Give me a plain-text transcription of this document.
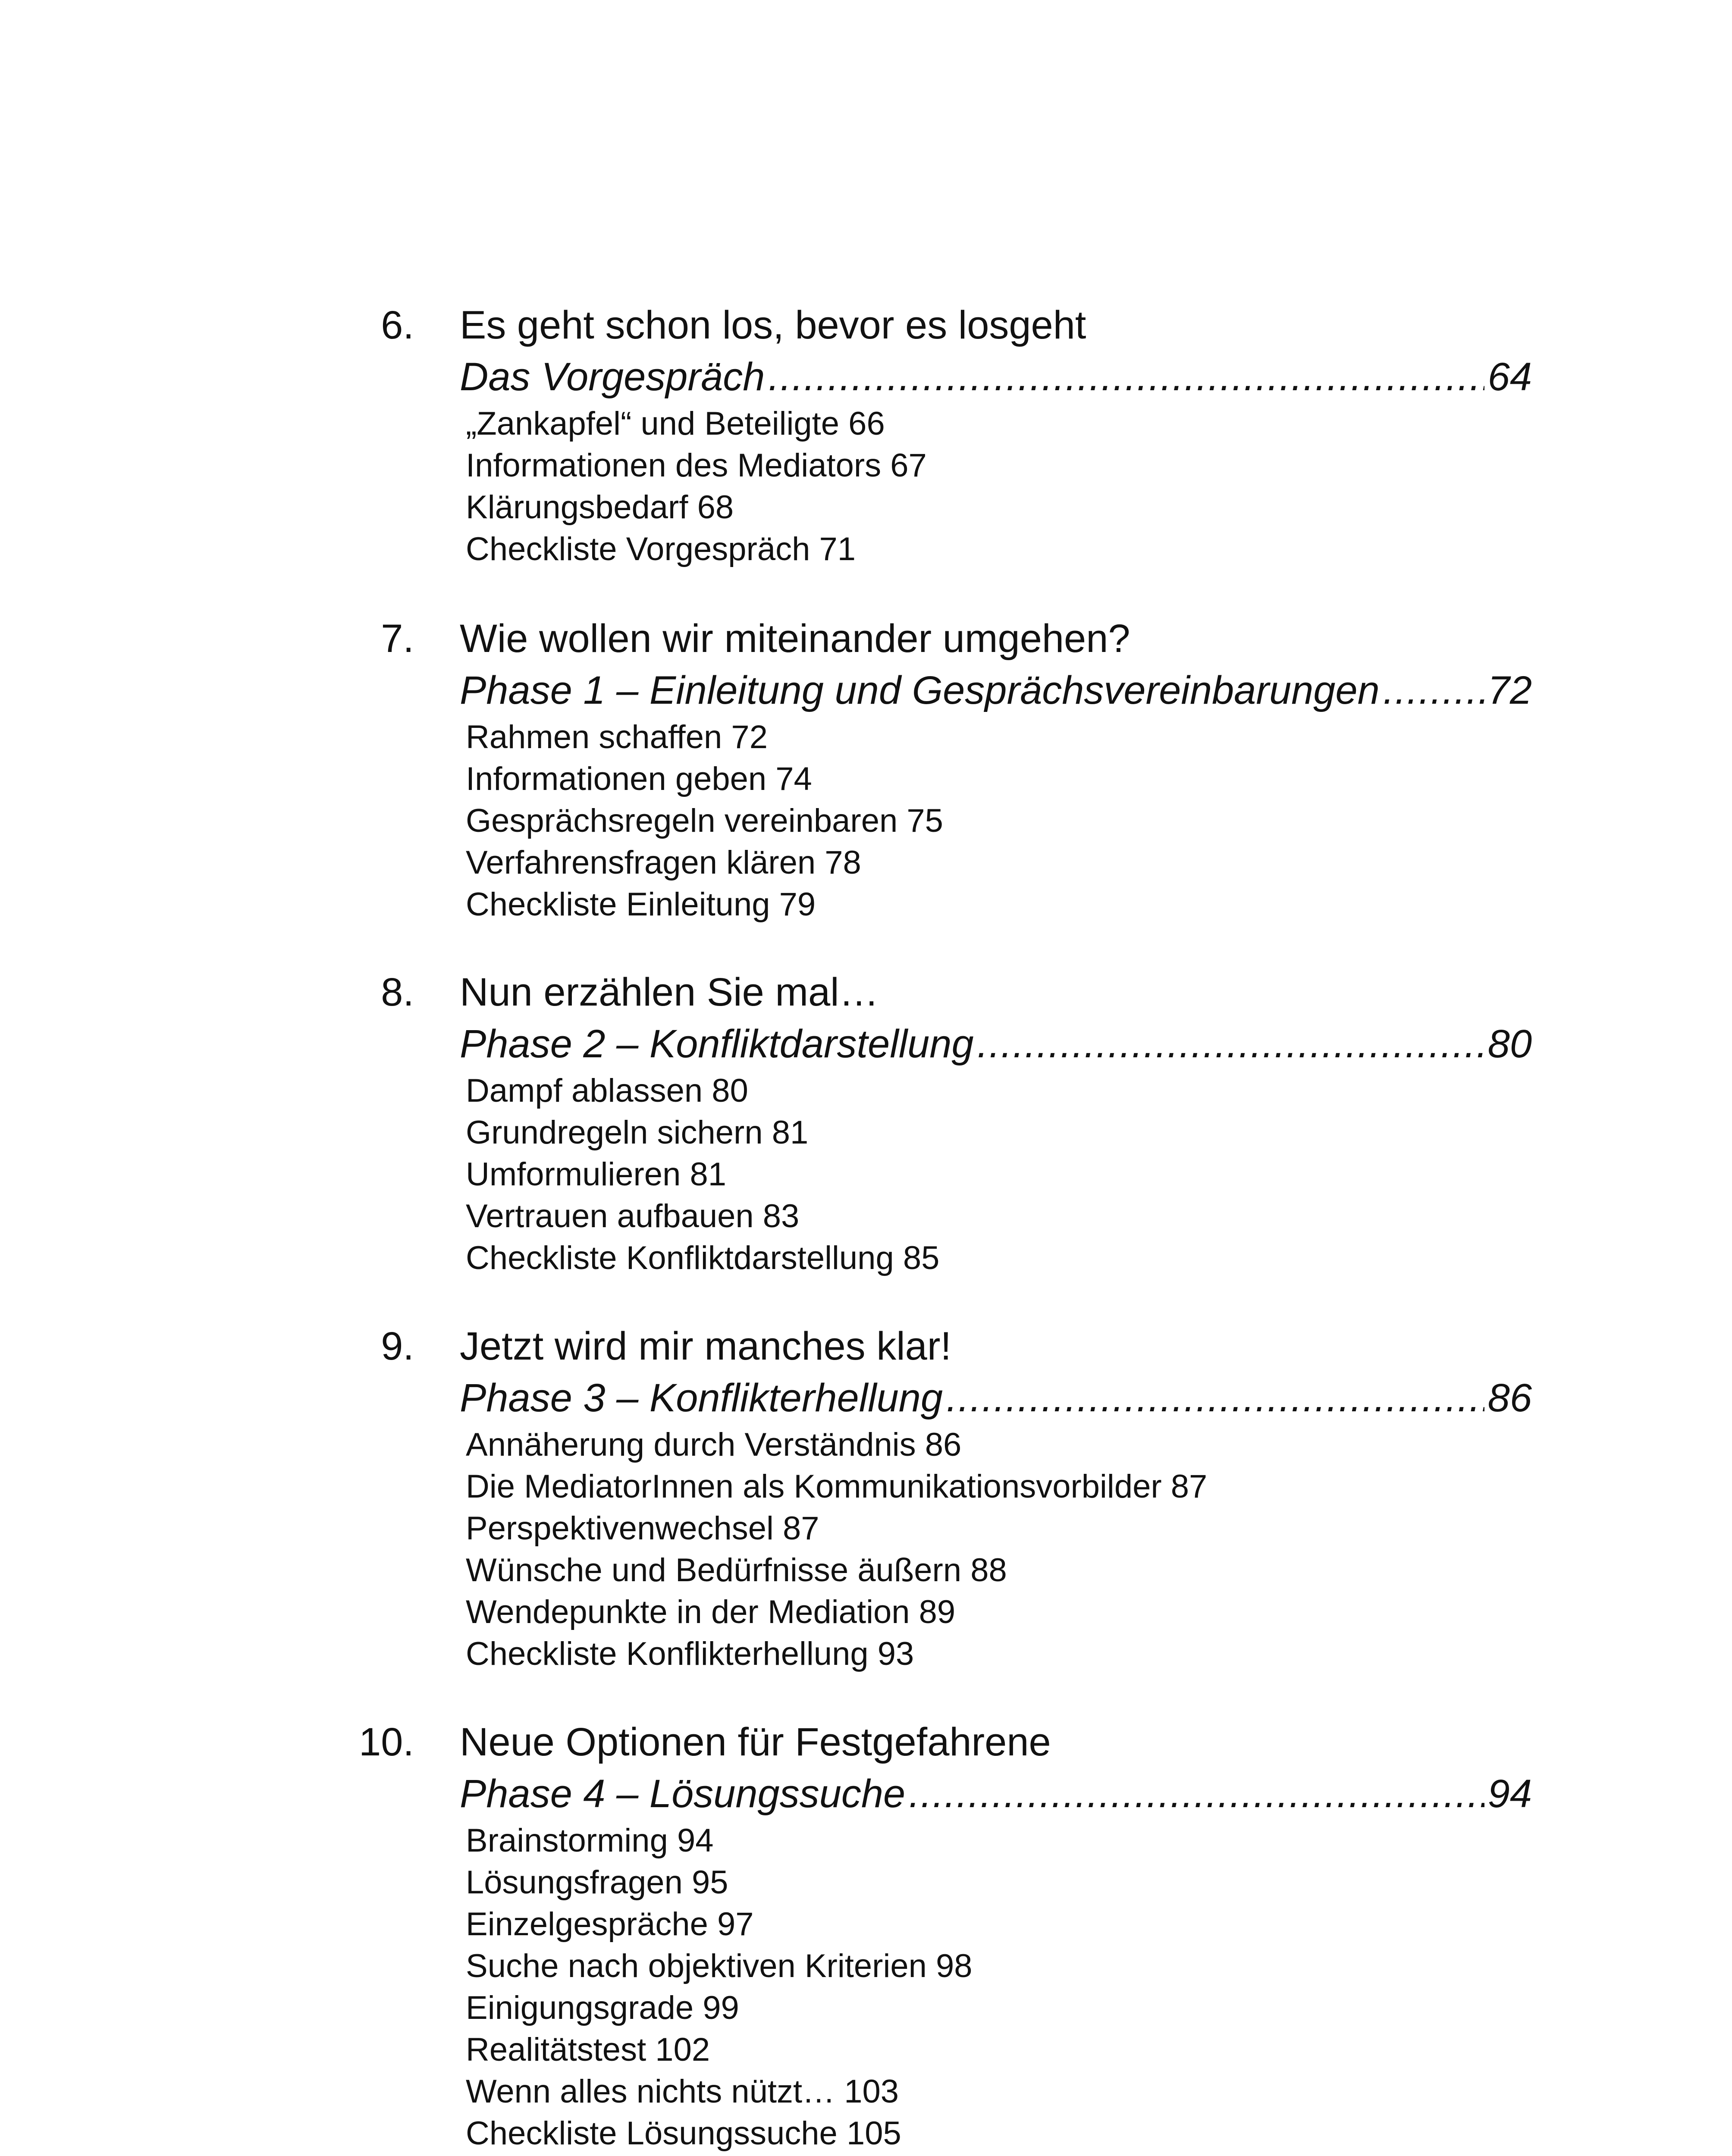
6. Es geht schon los, bevor es losgeht
Das Vorgespräch .....	64
„Zankapfel“ und Beteiligte 66
Informationen des Mediators 67
Klärungsbedarf 68
Checkliste Vorgespräch 71
7. Wie wollen wir miteinander umgehen?
Phase 1 – Einleitung und Gesprächsvereinbarungen .....	72
Rahmen schaffen 72
Informationen geben 74
Gesprächsregeln vereinbaren 75
Verfahrensfragen klären 78
Checkliste Einleitung 79
8. Nun erzählen Sie mal…
Phase 2 – Konfliktdarstellung .....	80
Dampf ablassen 80
Grundregeln sichern 81
Umformulieren 81
Vertrauen aufbauen 83
Checkliste Konfliktdarstellung 85
9. Jetzt wird mir manches klar!
Phase 3 – Konflikterhellung .....	86
Annäherung durch Verständnis 86
Die MediatorInnen als Kommunikationsvorbilder 87
Perspektivenwechsel 87
Wünsche und Bedürfnisse äußern 88
Wendepunkte in der Mediation 89
Checkliste Konflikterhellung 93
10. Neue Optionen für Festgefahrene
Phase 4 – Lösungssuche .....	94
Brainstorming 94
Lösungsfragen 95
Einzelgespräche 97
Suche nach objektiven Kriterien 98
Einigungsgrade 99
Realitätstest 102
Wenn alles nichts nützt… 103
Checkliste Lösungssuche 105
